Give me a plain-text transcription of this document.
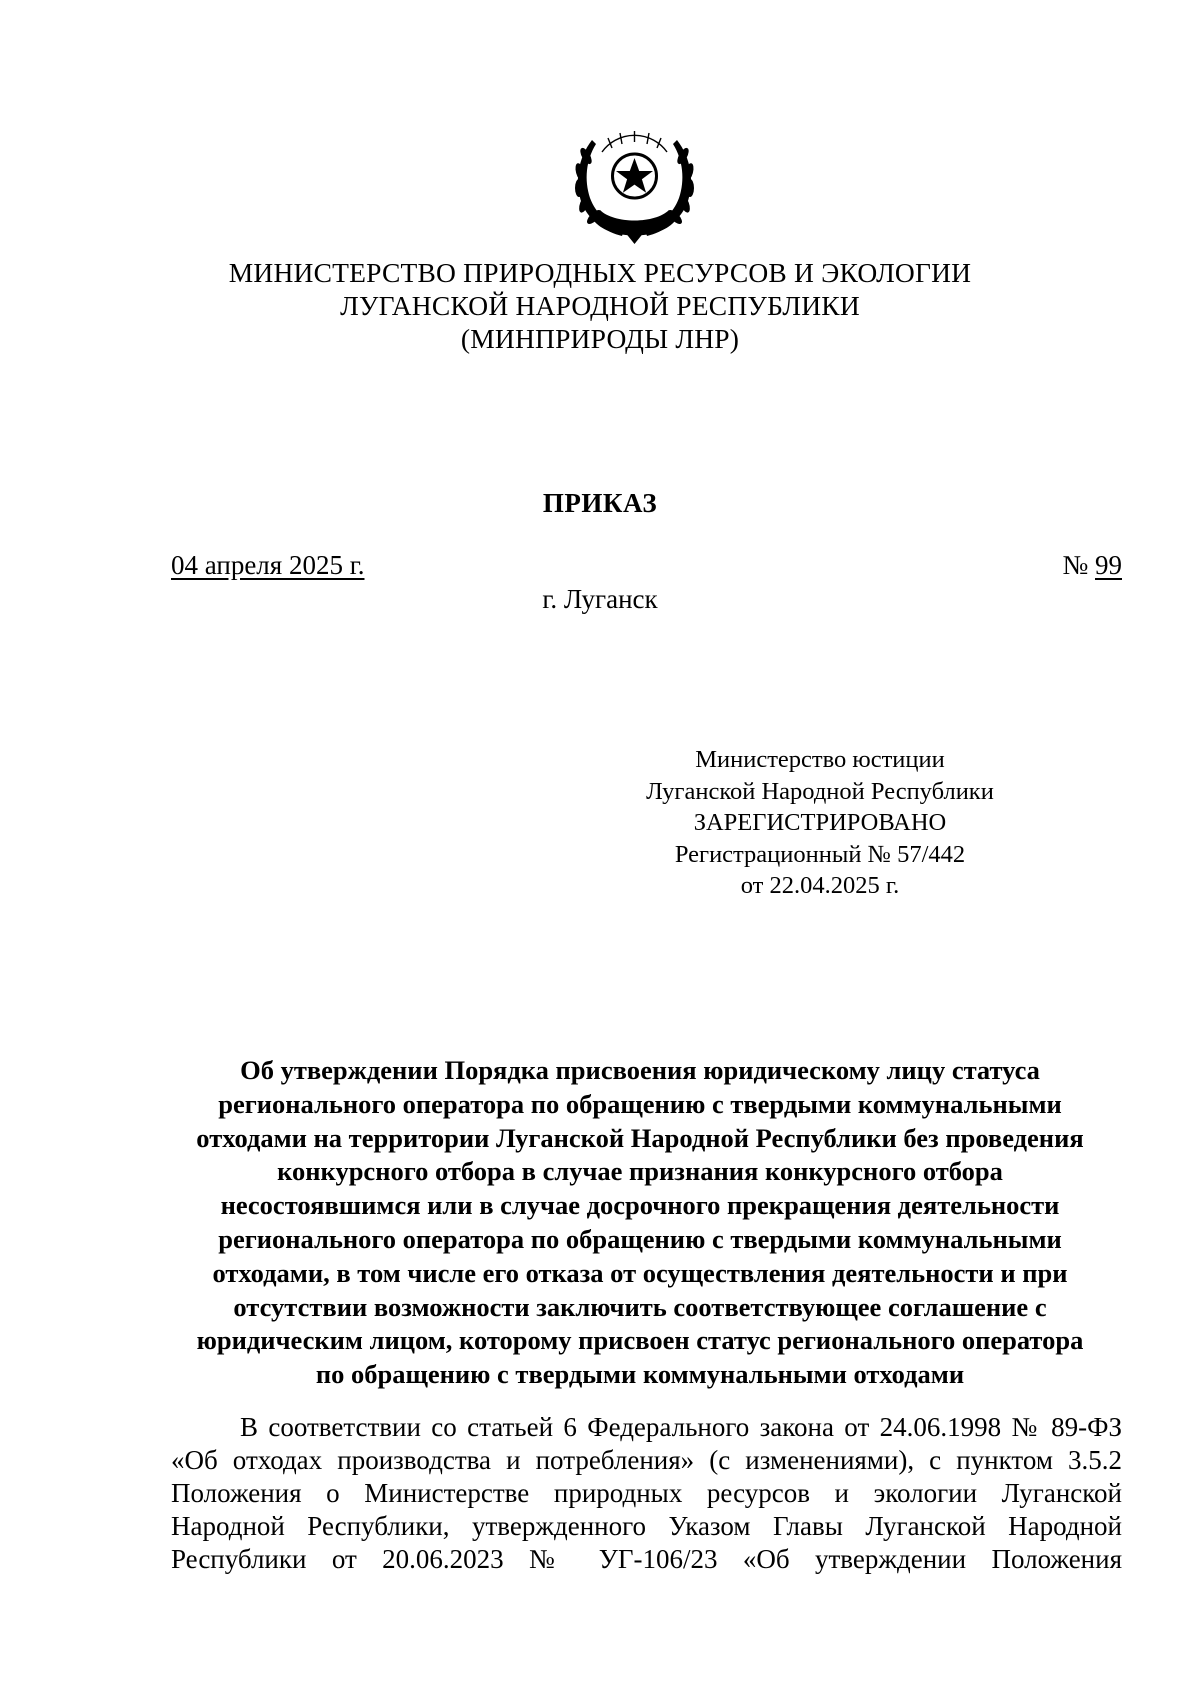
МИНИСТЕРСТВО ПРИРОДНЫХ РЕСУРСОВ И ЭКОЛОГИИ
ЛУГАНСКОЙ НАРОДНОЙ РЕСПУБЛИКИ
(МИНПРИРОДЫ ЛНР)
ПРИКАЗ
04 апреля 2025 г.	№ 99
г. Луганск
Министерство юстиции
Луганской Народной Республики
ЗАРЕГИСТРИРОВАНО
Регистрационный № 57/442
от 22.04.2025 г.
Об утверждении Порядка присвоения юридическому лицу статуса
регионального оператора по обращению с твердыми коммунальными
отходами на территории Луганской Народной Республики без проведения
конкурсного отбора в случае признания конкурсного отбора
несостоявшимся или в случае досрочного прекращения деятельности
регионального оператора по обращению с твердыми коммунальными
отходами, в том числе его отказа от осуществления деятельности и при
отсутствии возможности заключить соответствующее соглашение с
юридическим лицом, которому присвоен статус регионального оператора
по обращению с твердыми коммунальными отходами
В соответствии со статьей 6 Федерального закона от 24.06.1998 № 89-ФЗ
«Об отходах производства и потребления» (с изменениями), с пунктом 3.5.2
Положения о Министерстве природных ресурсов и экологии Луганской
Народной Республики, утвержденного Указом Главы Луганской Народной
Республики от 20.06.2023 № УГ-106/23 «Об утверждении Положения
